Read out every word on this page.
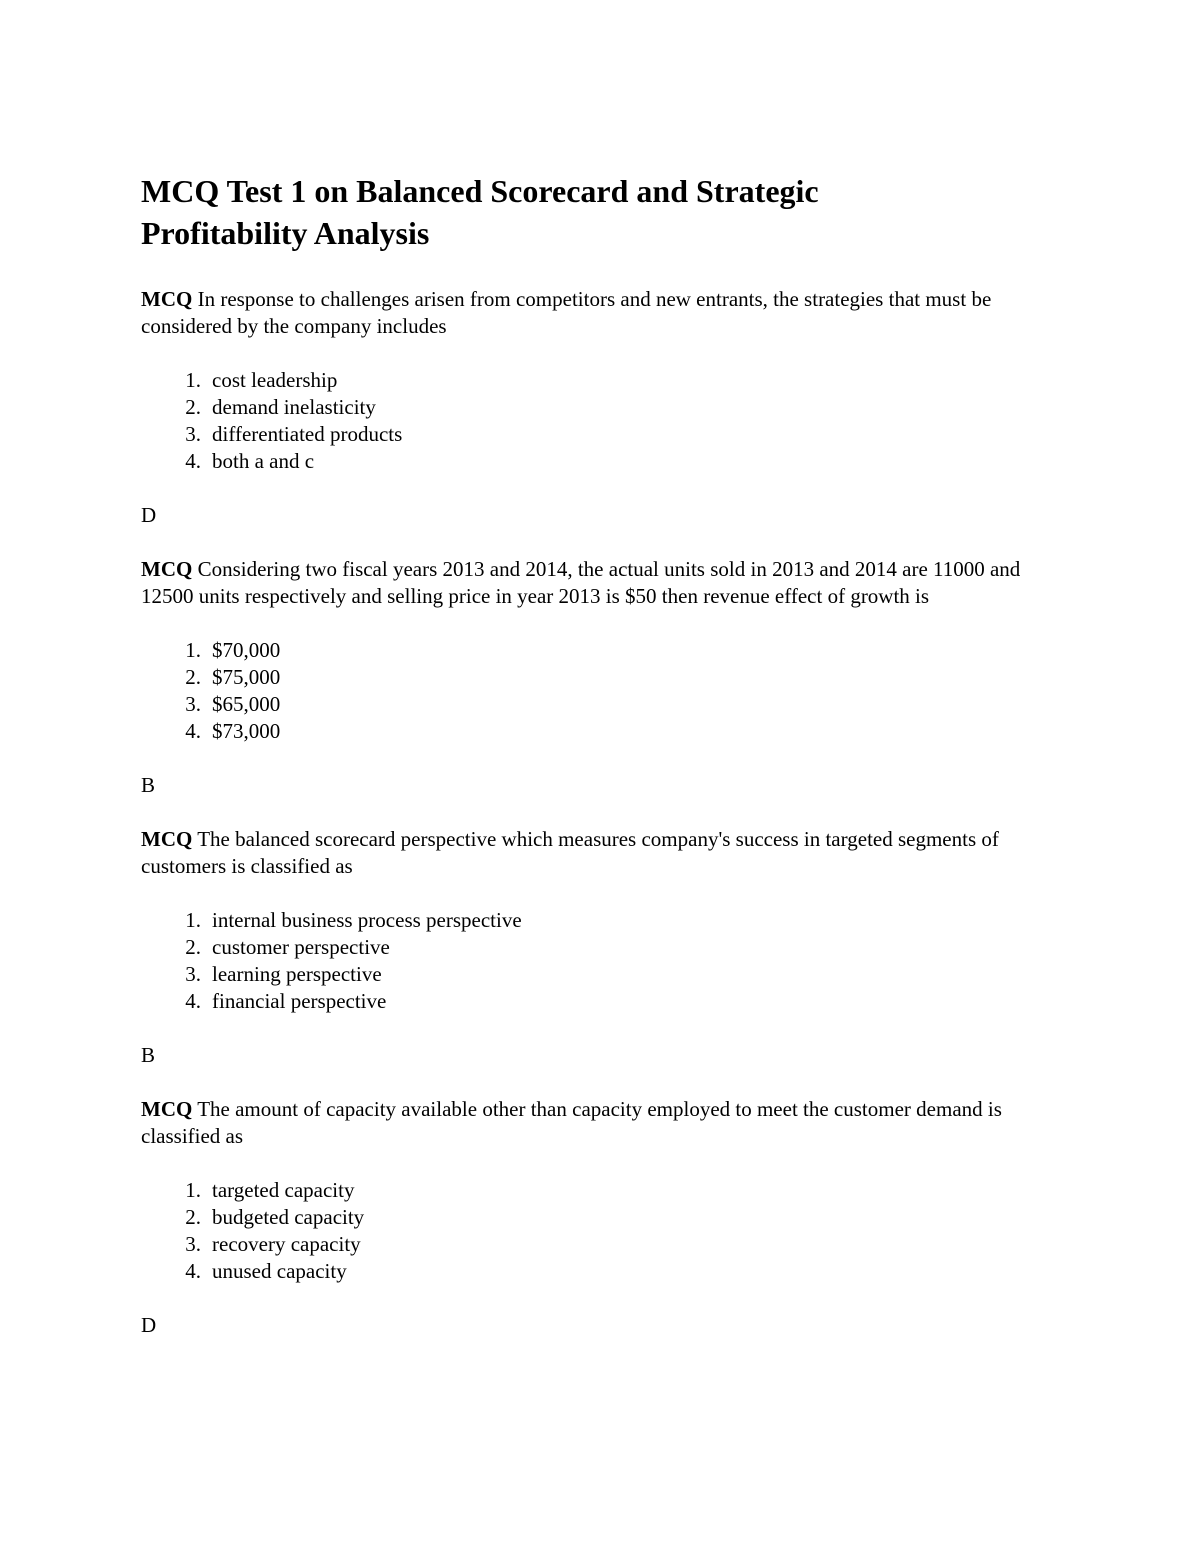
MCQ Test 1 on Balanced Scorecard and Strategic Profitability Analysis

MCQ In response to challenges arisen from competitors and new entrants, the strategies that must be considered by the company includes

1. cost leadership
2. demand inelasticity
3. differentiated products
4. both a and c

D

MCQ Considering two fiscal years 2013 and 2014, the actual units sold in 2013 and 2014 are 11000 and 12500 units respectively and selling price in year 2013 is $50 then revenue effect of growth is

1. $70,000
2. $75,000
3. $65,000
4. $73,000

B

MCQ The balanced scorecard perspective which measures company's success in targeted segments of customers is classified as

1. internal business process perspective
2. customer perspective
3. learning perspective
4. financial perspective

B

MCQ The amount of capacity available other than capacity employed to meet the customer demand is classified as

1. targeted capacity
2. budgeted capacity
3. recovery capacity
4. unused capacity

D
